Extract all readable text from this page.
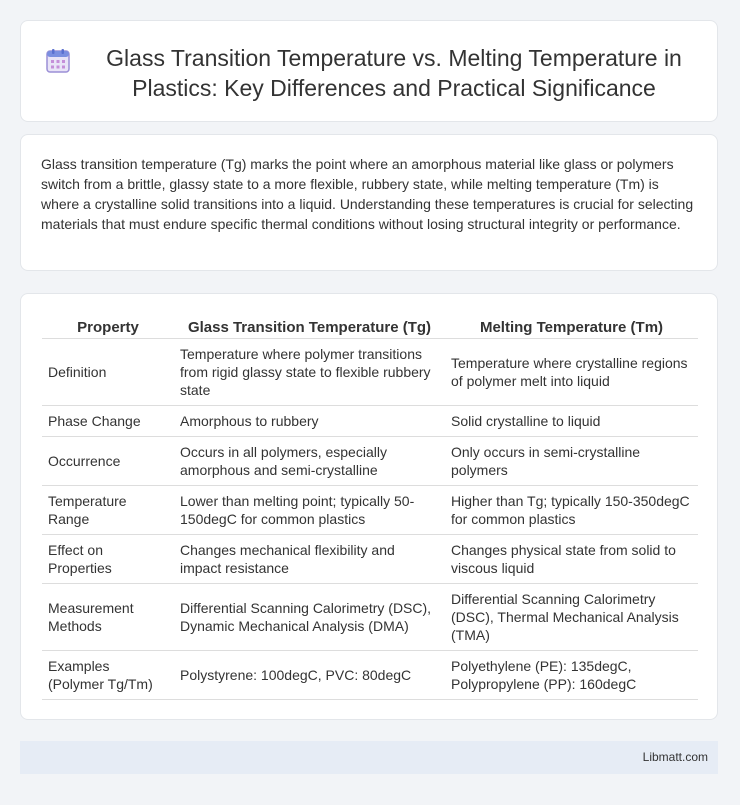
Glass Transition Temperature vs. Melting Temperature in Plastics: Key Differences and Practical Significance

Glass transition temperature (Tg) marks the point where an amorphous material like glass or polymers switch from a brittle, glassy state to a more flexible, rubbery state, while melting temperature (Tm) is where a crystalline solid transitions into a liquid. Understanding these temperatures is crucial for selecting materials that must endure specific thermal conditions without losing structural integrity or performance.

Property	Glass Transition Temperature (Tg)	Melting Temperature (Tm)
Definition	Temperature where polymer transitions from rigid glassy state to flexible rubbery state	Temperature where crystalline regions of polymer melt into liquid
Phase Change	Amorphous to rubbery	Solid crystalline to liquid
Occurrence	Occurs in all polymers, especially amorphous and semi-crystalline	Only occurs in semi-crystalline polymers
Temperature Range	Lower than melting point; typically 50-150degC for common plastics	Higher than Tg; typically 150-350degC for common plastics
Effect on Properties	Changes mechanical flexibility and impact resistance	Changes physical state from solid to viscous liquid
Measurement Methods	Differential Scanning Calorimetry (DSC), Dynamic Mechanical Analysis (DMA)	Differential Scanning Calorimetry (DSC), Thermal Mechanical Analysis (TMA)
Examples (Polymer Tg/Tm)	Polystyrene: 100degC, PVC: 80degC	Polyethylene (PE): 135degC, Polypropylene (PP): 160degC
Libmatt.com
